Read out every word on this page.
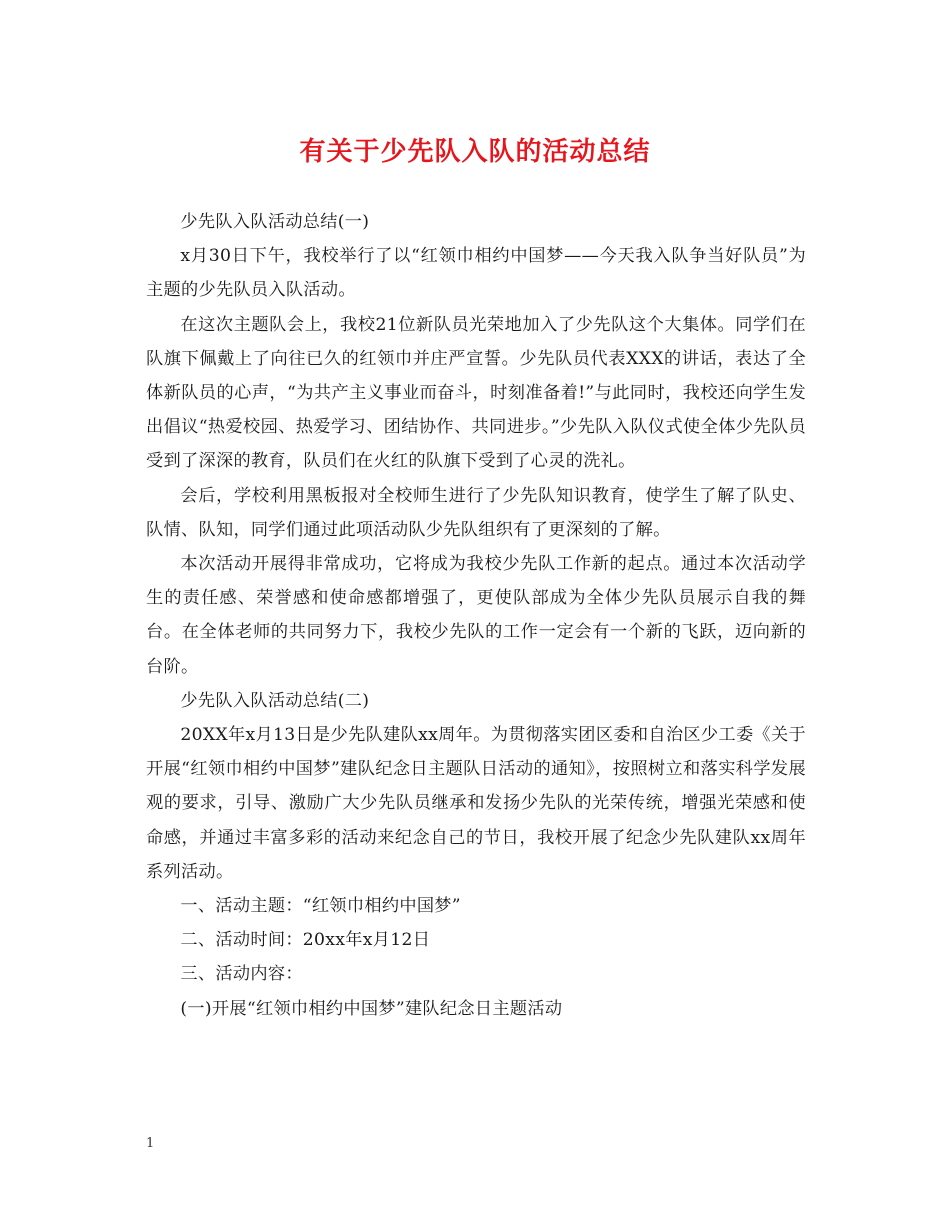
有关于少先队入队的活动总结

少先队入队活动总结(一)

x月30日下午，我校举行了以“红领巾相约中国梦——今天我入队争当好队员”为主题的少先队员入队活动。

在这次主题队会上，我校21位新队员光荣地加入了少先队这个大集体。同学们在队旗下佩戴上了向往已久的红领巾并庄严宣誓。少先队员代表XXX的讲话，表达了全体新队员的心声，“为共产主义事业而奋斗，时刻准备着!”与此同时，我校还向学生发出倡议“热爱校园、热爱学习、团结协作、共同进步。”少先队入队仪式使全体少先队员受到了深深的教育，队员们在火红的队旗下受到了心灵的洗礼。

会后，学校利用黑板报对全校师生进行了少先队知识教育，使学生了解了队史、队情、队知，同学们通过此项活动队少先队组织有了更深刻的了解。

本次活动开展得非常成功，它将成为我校少先队工作新的起点。通过本次活动学生的责任感、荣誉感和使命感都增强了，更使队部成为全体少先队员展示自我的舞台。在全体老师的共同努力下，我校少先队的工作一定会有一个新的飞跃，迈向新的台阶。

少先队入队活动总结(二)

20XX年x月13日是少先队建队xx周年。为贯彻落实团区委和自治区少工委《关于开展“红领巾相约中国梦”建队纪念日主题队日活动的通知》，按照树立和落实科学发展观的要求，引导、激励广大少先队员继承和发扬少先队的光荣传统，增强光荣感和使命感，并通过丰富多彩的活动来纪念自己的节日，我校开展了纪念少先队建队xx周年系列活动。

一、活动主题：“红领巾相约中国梦”

二、活动时间：20xx年x月12日

三、活动内容：

(一)开展“红领巾相约中国梦”建队纪念日主题活动

1
